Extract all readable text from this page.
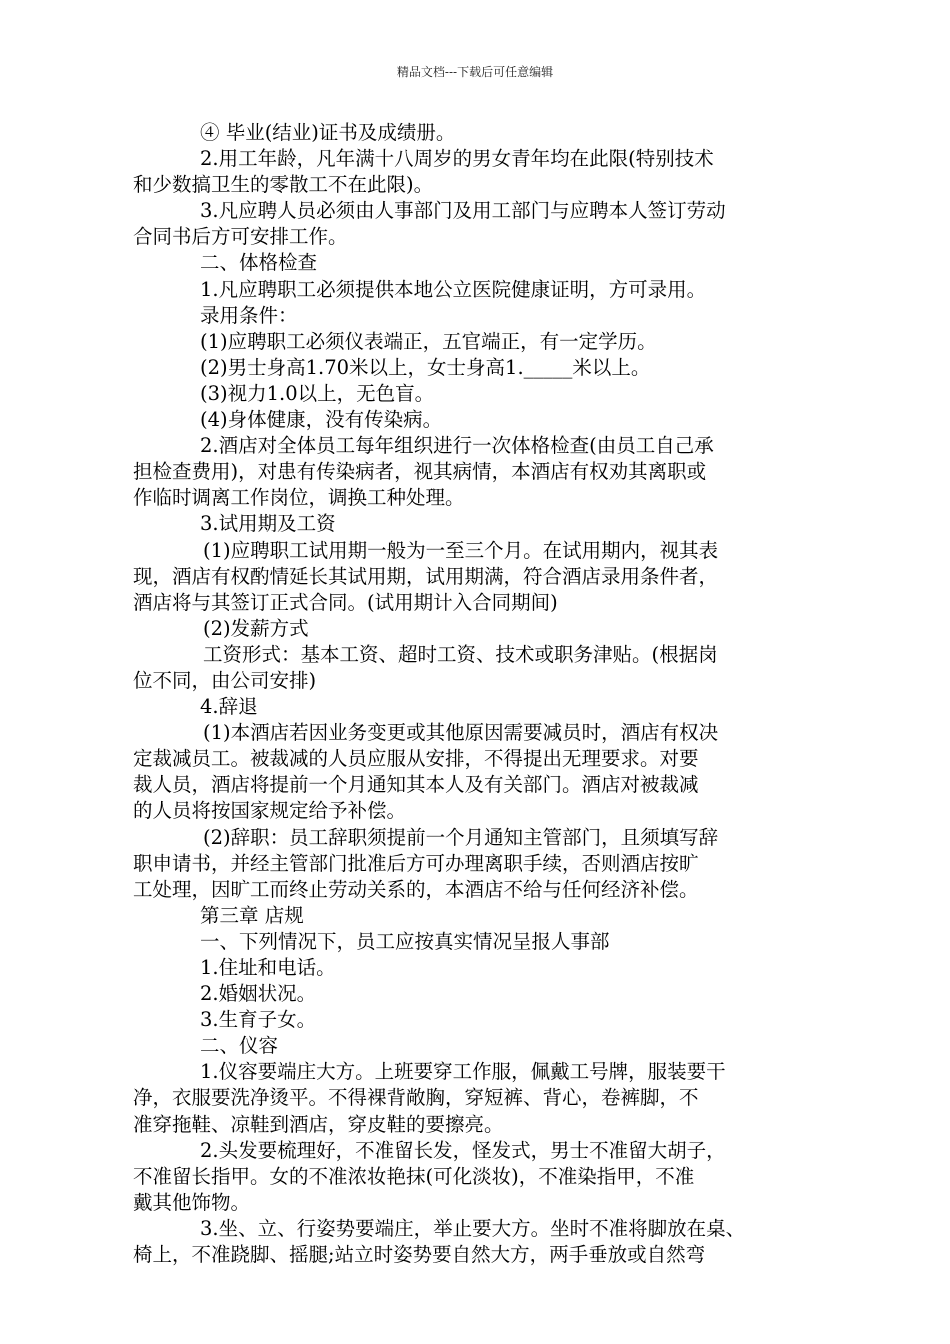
精品文档---下载后可任意编辑
④ 毕业(结业)证书及成绩册。
2.用工年龄，凡年满十八周岁的男女青年均在此限(特别技术
和少数搞卫生的零散工不在此限)。
3.凡应聘人员必须由人事部门及用工部门与应聘本人签订劳动
合同书后方可安排工作。
二、体格检查
1.凡应聘职工必须提供本地公立医院健康证明，方可录用。
录用条件：
(1)应聘职工必须仪表端正，五官端正，有一定学历。
(2)男士身高1.70米以上，女士身高1._____米以上。
(3)视力1.0以上，无色盲。
(4)身体健康，没有传染病。
2.酒店对全体员工每年组织进行一次体格检查(由员工自己承
担检查费用)，对患有传染病者，视其病情，本酒店有权劝其离职或
作临时调离工作岗位，调换工种处理。
3.试用期及工资
(1)应聘职工试用期一般为一至三个月。在试用期内，视其表
现，酒店有权酌情延长其试用期，试用期满，符合酒店录用条件者，
酒店将与其签订正式合同。(试用期计入合同期间)
(2)发薪方式
工资形式：基本工资、超时工资、技术或职务津贴。(根据岗
位不同，由公司安排)
4.辞退
(1)本酒店若因业务变更或其他原因需要减员时，酒店有权决
定裁减员工。被裁减的人员应服从安排，不得提出无理要求。对要
裁人员，酒店将提前一个月通知其本人及有关部门。酒店对被裁减
的人员将按国家规定给予补偿。
(2)辞职：员工辞职须提前一个月通知主管部门，且须填写辞
职申请书，并经主管部门批准后方可办理离职手续，否则酒店按旷
工处理，因旷工而终止劳动关系的，本酒店不给与任何经济补偿。
第三章 店规
一、下列情况下，员工应按真实情况呈报人事部
1.住址和电话。
2.婚姻状况。
3.生育子女。
二、仪容
1.仪容要端庄大方。上班要穿工作服，佩戴工号牌，服装要干
净，衣服要洗净烫平。不得裸背敞胸，穿短裤、背心，卷裤脚，不
准穿拖鞋、凉鞋到酒店，穿皮鞋的要擦亮。
2.头发要梳理好，不准留长发，怪发式，男士不准留大胡子，
不准留长指甲。女的不准浓妆艳抹(可化淡妆)，不准染指甲，不准
戴其他饰物。
3.坐、立、行姿势要端庄，举止要大方。坐时不准将脚放在桌、
椅上，不准跷脚、摇腿;站立时姿势要自然大方，两手垂放或自然弯
